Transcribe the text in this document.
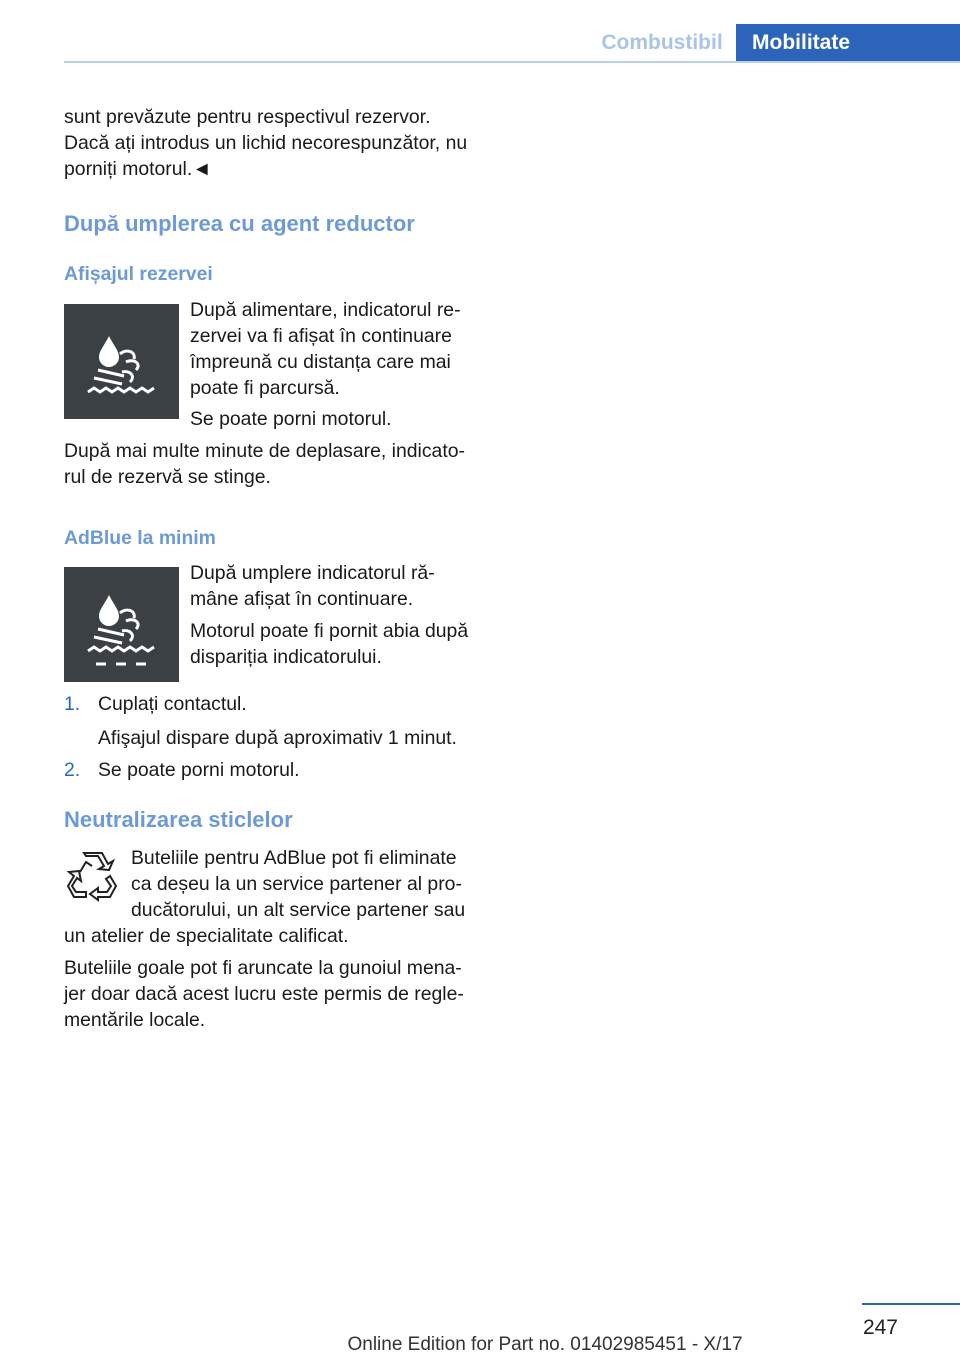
Combustibil	Mobilitate
sunt prevăzute pentru respectivul rezervor.
Dacă ați introdus un lichid necorespunzător, nu
porniți motorul.◄
După umplerea cu agent reductor
Afișajul rezervei
După alimentare, indicatorul re‐
zervei va fi afișat în continuare
împreună cu distanța care mai
poate fi parcursă.
Se poate porni motorul.
După mai multe minute de deplasare, indicato‐
rul de rezervă se stinge.
AdBlue la minim
După umplere indicatorul ră‐
mâne afișat în continuare.
Motorul poate fi pornit abia după
dispariția indicatorului.
1. Cuplați contactul.
Afişajul dispare după aproximativ 1 minut.
2. Se poate porni motorul.
Neutralizarea sticlelor
Buteliile pentru AdBlue pot fi eliminate
ca deșeu la un service partener al pro‐
ducătorului, un alt service partener sau
un atelier de specialitate calificat.
Buteliile goale pot fi aruncate la gunoiul mena‐
jer doar dacă acest lucru este permis de regle‐
mentările locale.
247
Online Edition for Part no. 01402985451 - X/17
